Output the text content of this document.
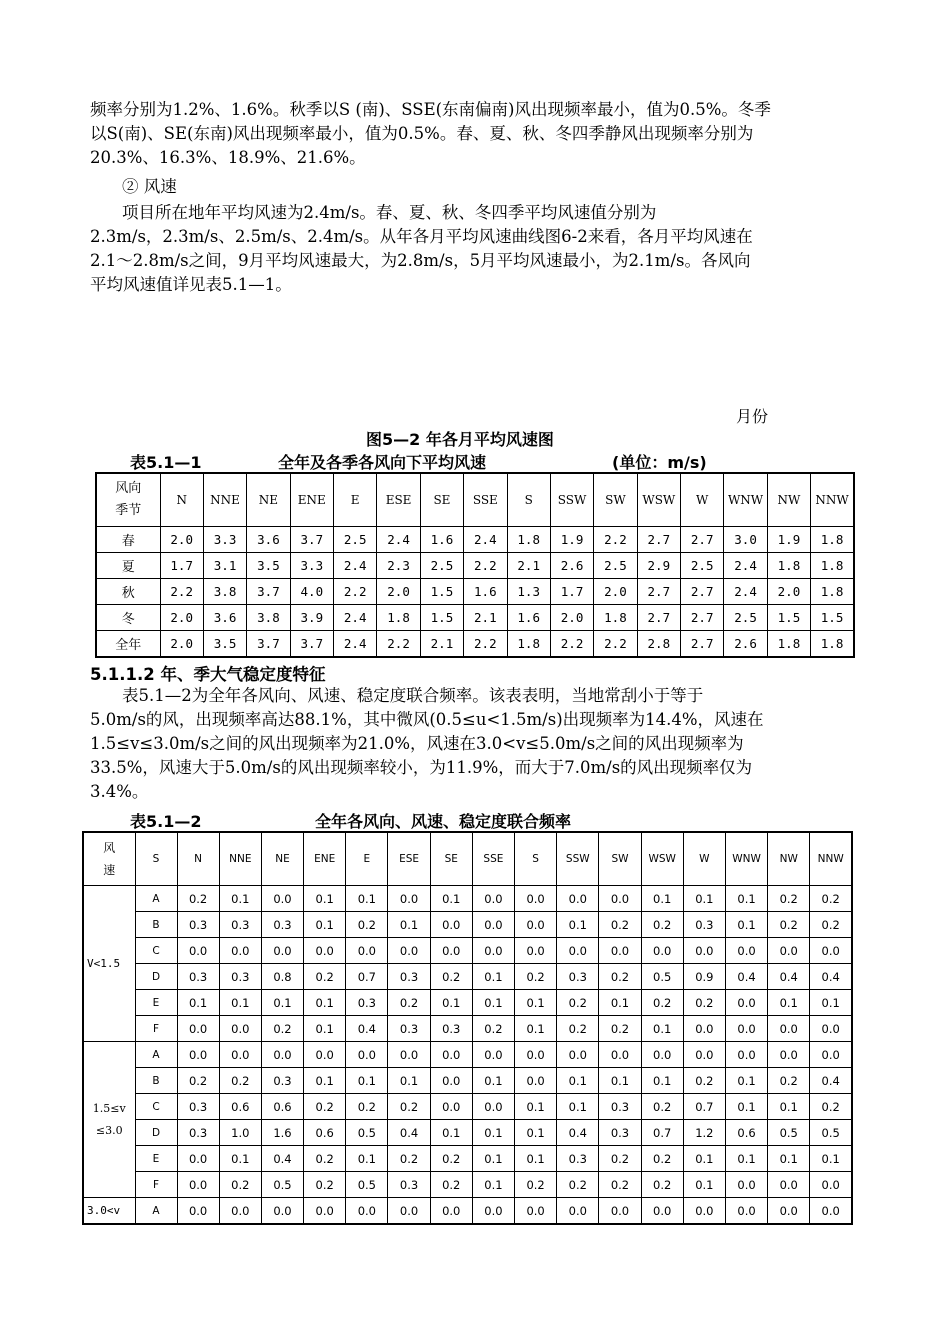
频率分别为1.2%、1.6%。秋季以S (南)、SSE(东南偏南)风出现频率最小，值为0.5%。冬季
以S(南)、SE(东南)风出现频率最小，值为0.5%。春、夏、秋、冬四季静风出现频率分别为
20.3%、16.3%、18.9%、21.6%。
② 风速
项目所在地年平均风速为2.4m/s。春、夏、秋、冬四季平均风速值分别为
2.3m/s，2.3m/s、2.5m/s、2.4m/s。从年各月平均风速曲线图6-2来看，各月平均风速在
2.1～2.8m/s之间，9月平均风速最大，为2.8m/s，5月平均风速最小，为2.1m/s。各风向
平均风速值详见表5.1—1。
月份
图5—2 年各月平均风速图
表5.1—1	全年及各季各风向下平均风速	(单位：m/s)
风向
季节	N	NNE	NE	ENE	E	ESE	SE	SSE	S	SSW	SW	WSW	W	WNW	NW	NNW
春	2.0	3.3	3.6	3.7	2.5	2.4	1.6	2.4	1.8	1.9	2.2	2.7	2.7	3.0	1.9	1.8
夏	1.7	3.1	3.5	3.3	2.4	2.3	2.5	2.2	2.1	2.6	2.5	2.9	2.5	2.4	1.8	1.8
秋	2.2	3.8	3.7	4.0	2.2	2.0	1.5	1.6	1.3	1.7	2.0	2.7	2.7	2.4	2.0	1.8
冬	2.0	3.6	3.8	3.9	2.4	1.8	1.5	2.1	1.6	2.0	1.8	2.7	2.7	2.5	1.5	1.5
全年	2.0	3.5	3.7	3.7	2.4	2.2	2.1	2.2	1.8	2.2	2.2	2.8	2.7	2.6	1.8	1.8
5.1.1.2 年、季大气稳定度特征
表5.1—2为全年各风向、风速、稳定度联合频率。该表表明，当地常刮小于等于
5.0m/s的风，出现频率高达88.1%，其中微风(0.5≤u<1.5m/s)出现频率为14.4%，风速在
1.5≤v≤3.0m/s之间的风出现频率为21.0%，风速在3.0<v≤5.0m/s之间的风出现频率为
33.5%，风速大于5.0m/s的风出现频率较小，为11.9%，而大于7.0m/s的风出现频率仅为
3.4%。
表5.1—2	全年各风向、风速、稳定度联合频率
风
速	S	N	NNE	NE	ENE	E	ESE	SE	SSE	S	SSW	SW	WSW	W	WNW	NW	NNW
V<1.5	A	0.2	0.1	0.0	0.1	0.1	0.0	0.1	0.0	0.0	0.0	0.0	0.1	0.1	0.1	0.2	0.2
	B	0.3	0.3	0.3	0.1	0.2	0.1	0.0	0.0	0.0	0.1	0.2	0.2	0.3	0.1	0.2	0.2
	C	0.0	0.0	0.0	0.0	0.0	0.0	0.0	0.0	0.0	0.0	0.0	0.0	0.0	0.0	0.0	0.0
	D	0.3	0.3	0.8	0.2	0.7	0.3	0.2	0.1	0.2	0.3	0.2	0.5	0.9	0.4	0.4	0.4
	E	0.1	0.1	0.1	0.1	0.3	0.2	0.1	0.1	0.1	0.2	0.1	0.2	0.2	0.0	0.1	0.1
	F	0.0	0.0	0.2	0.1	0.4	0.3	0.3	0.2	0.1	0.2	0.2	0.1	0.0	0.0	0.0	0.0
1.5≤v≤3.0	A	0.0	0.0	0.0	0.0	0.0	0.0	0.0	0.0	0.0	0.0	0.0	0.0	0.0	0.0	0.0	0.0
	B	0.2	0.2	0.3	0.1	0.1	0.1	0.0	0.1	0.0	0.1	0.1	0.1	0.2	0.1	0.2	0.4
	C	0.3	0.6	0.6	0.2	0.2	0.2	0.0	0.0	0.1	0.1	0.3	0.2	0.7	0.1	0.1	0.2
	D	0.3	1.0	1.6	0.6	0.5	0.4	0.1	0.1	0.1	0.4	0.3	0.7	1.2	0.6	0.5	0.5
	E	0.0	0.1	0.4	0.2	0.1	0.2	0.2	0.1	0.1	0.3	0.2	0.2	0.1	0.1	0.1	0.1
	F	0.0	0.2	0.5	0.2	0.5	0.3	0.2	0.1	0.2	0.2	0.2	0.2	0.1	0.0	0.0	0.0
3.0<v	A	0.0	0.0	0.0	0.0	0.0	0.0	0.0	0.0	0.0	0.0	0.0	0.0	0.0	0.0	0.0	0.0
